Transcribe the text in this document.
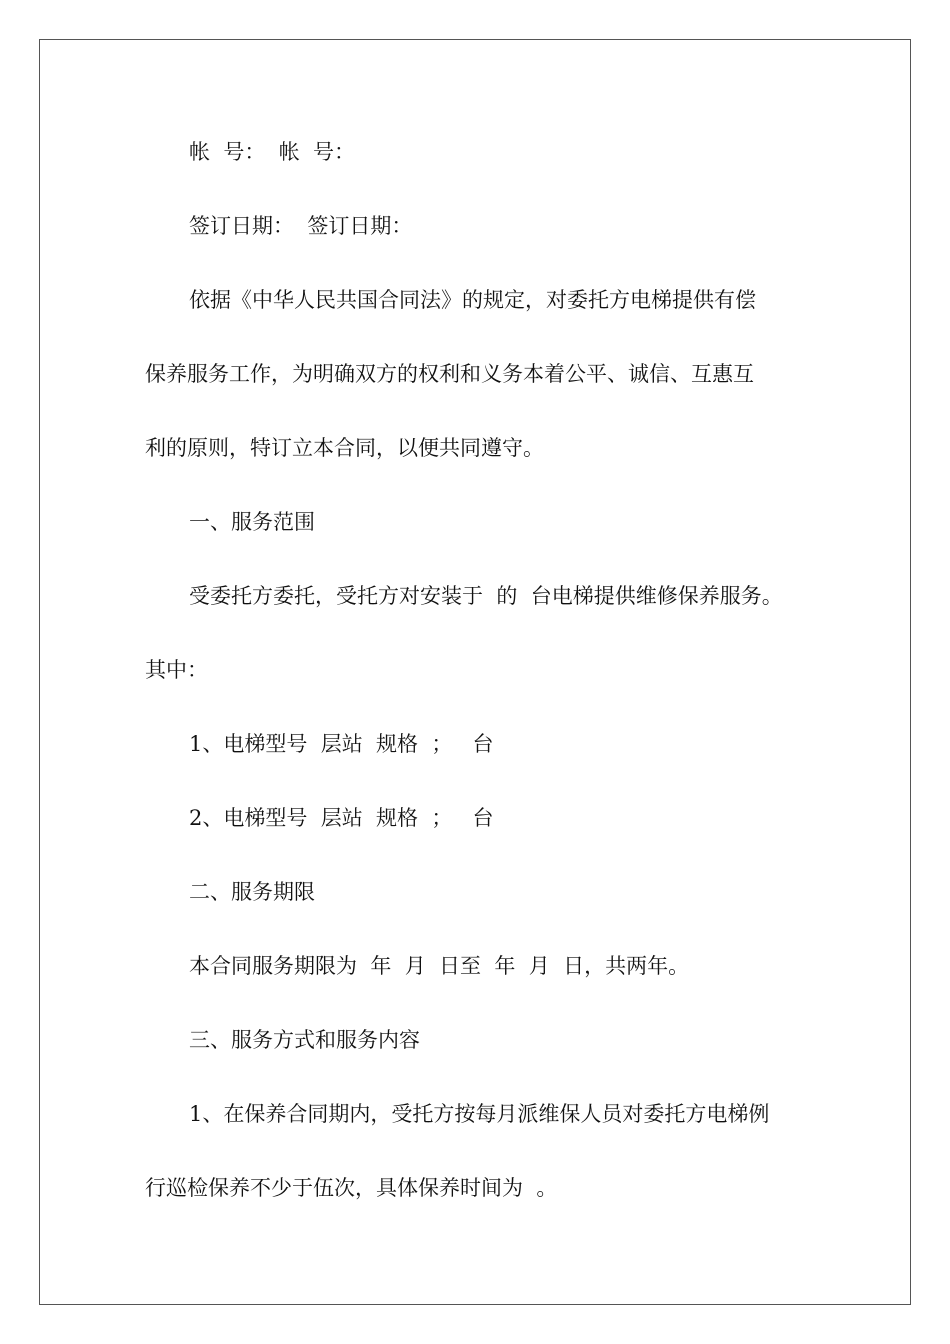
帐  号：  帐  号：
签订日期：  签订日期：
依据《中华人民共国合同法》的规定，对委托方电梯提供有偿
保养服务工作，为明确双方的权利和义务本着公平、诚信、互惠互
利的原则，特订立本合同，以便共同遵守。
一、服务范围
受委托方委托，受托方对安装于  的  台电梯提供维修保养服务。
其中：
1、电梯型号  层站  规格  ；   台
2、电梯型号  层站  规格  ；   台
二、服务期限
本合同服务期限为  年  月  日至  年  月  日，共两年。
三、服务方式和服务内容
1、在保养合同期内，受托方按每月派维保人员对委托方电梯例
行巡检保养不少于伍次，具体保养时间为  。
